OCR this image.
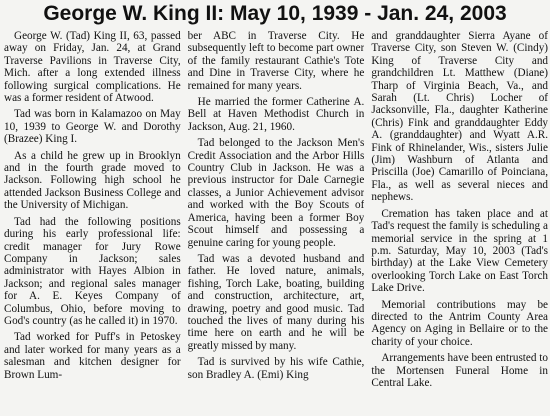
George W. King II: May 10, 1939 - Jan. 24, 2003

George W. (Tad) King II, 63, passed away on Friday, Jan. 24, at Grand Traverse Pavilions in Traverse City, Mich. after a long extended illness following surgical complications. He was a former resident of Atwood.

Tad was born in Kalamazoo on May 10, 1939 to George W. and Dorothy (Brazee) King I.

As a child he grew up in Brooklyn and in the fourth grade moved to Jackson. Following high school he attended Jackson Business College and the University of Michigan.

Tad had the following positions during his early professional life: credit manager for Jury Rowe Company in Jackson; sales administrator with Hayes Albion in Jackson; and regional sales manager for A. E. Keyes Company of Columbus, Ohio, before moving to God's country (as he called it) in 1970.

Tad worked for Puff's in Petoskey and later worked for many years as a salesman and kitchen designer for Brown Lum-

ber ABC in Traverse City. He subsequently left to become part owner of the family restaurant Cathie's Tote and Dine in Traverse City, where he remained for many years.

He married the former Catherine A. Bell at Haven Methodist Church in Jackson, Aug. 21, 1960.

Tad belonged to the Jackson Men's Credit Association and the Arbor Hills Country Club in Jackson. He was a previous instructor for Dale Carnegie classes, a Junior Achievement advisor and worked with the Boy Scouts of America, having been a former Boy Scout himself and possessing a genuine caring for young people.

Tad was a devoted husband and father. He loved nature, animals, fishing, Torch Lake, boating, building and construction, architecture, art, drawing, poetry and good music. Tad touched the lives of many during his time here on earth and he will be greatly missed by many.

Tad is survived by his wife Cathie, son Bradley A. (Emi) King

and granddaughter Sierra Ayane of Traverse City, son Steven W. (Cindy) King of Traverse City and grandchildren Lt. Matthew (Diane) Tharp of Virginia Beach, Va., and Sarah (Lt. Chris) Locher of Jacksonville, Fla., daughter Katherine (Chris) Fink and granddaughter Eddy A. (granddaughter) and Wyatt A.R. Fink of Rhinelander, Wis., sisters Julie (Jim) Washburn of Atlanta and Priscilla (Joe) Camarillo of Poinciana, Fla., as well as several nieces and nephews.

Cremation has taken place and at Tad's request the family is scheduling a memorial service in the spring at 1 p.m. Saturday, May 10, 2003 (Tad's birthday) at the Lake View Cemetery overlooking Torch Lake on East Torch Lake Drive.

Memorial contributions may be directed to the Antrim County Area Agency on Aging in Bellaire or to the charity of your choice.

Arrangements have been entrusted to the Mortensen Funeral Home in Central Lake.
